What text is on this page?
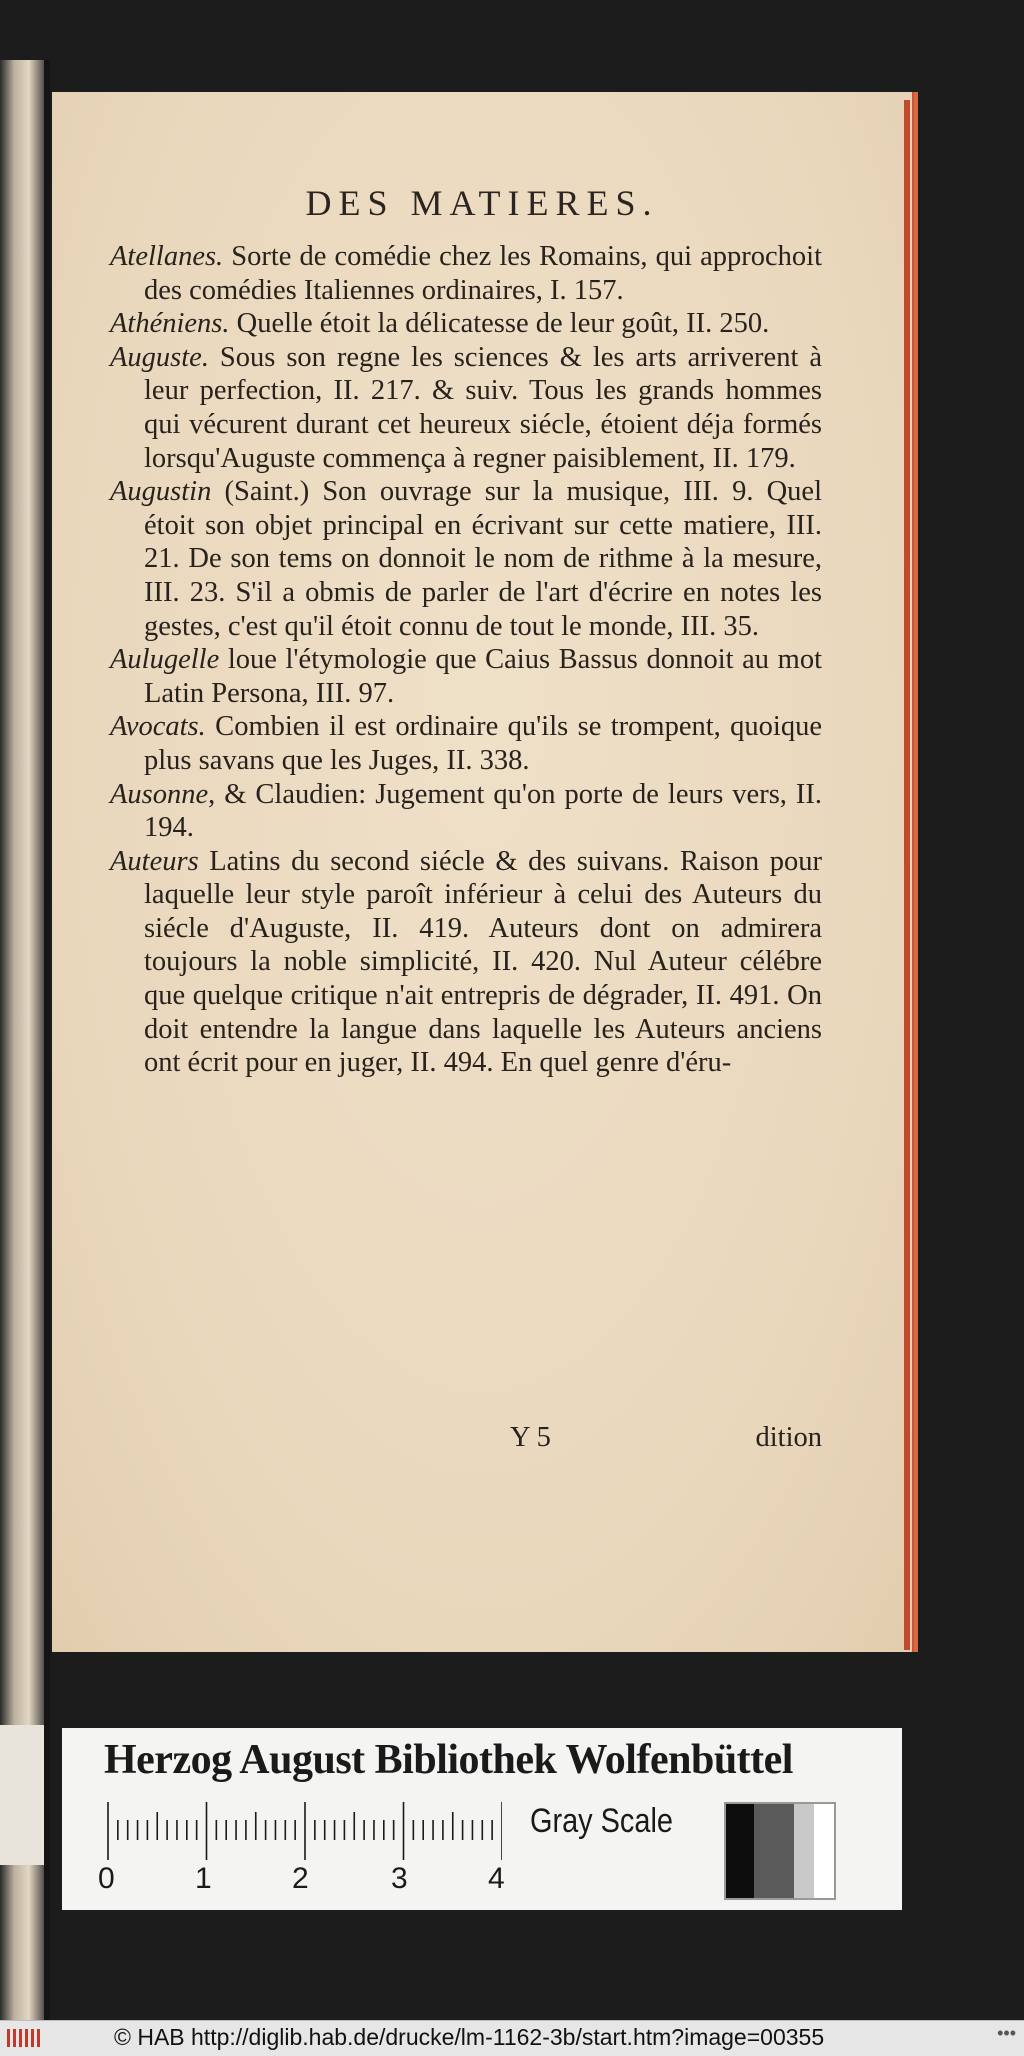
DES MATIERES.

Atellanes. Sorte de comédie chez les Romains, qui approchoit des comédies Italiennes ordinaires, I. 157.

Athéniens. Quelle étoit la délicatesse de leur goût, II. 250.

Auguste. Sous son regne les sciences & les arts arriverent à leur perfection, II. 217. & suiv. Tous les grands hommes qui vécurent durant cet heureux siécle, étoient déja formés lorsqu'Auguste commença à regner paisiblement, II. 179.

Augustin (Saint.) Son ouvrage sur la musique, III. 9. Quel étoit son objet principal en écrivant sur cette matiere, III. 21. De son tems on donnoit le nom de rithme à la mesure, III. 23. S'il a obmis de parler de l'art d'écrire en notes les gestes, c'est qu'il étoit connu de tout le monde, III. 35.

Aulugelle loue l'étymologie que Caius Bassus donnoit au mot Latin Persona, III. 97.

Avocats. Combien il est ordinaire qu'ils se trompent, quoique plus savans que les Juges, II. 338.

Ausonne, & Claudien: Jugement qu'on porte de leurs vers, II. 194.

Auteurs Latins du second siécle & des suivans. Raison pour laquelle leur style paroît inférieur à celui des Auteurs du siécle d'Auguste, II. 419. Auteurs dont on admirera toujours la noble simplicité, II. 420. Nul Auteur célébre que quelque critique n'ait entrepris de dégrader, II. 491. On doit entendre la langue dans laquelle les Auteurs anciens ont écrit pour en juger, II. 494. En quel genre d'éru-

Y 5	dition
Herzog August Bibliothek Wolfenbüttel
0	1	2	3	4
Gray Scale
© HAB http://diglib.hab.de/drucke/lm-1162-3b/start.htm?image=00355	•••
